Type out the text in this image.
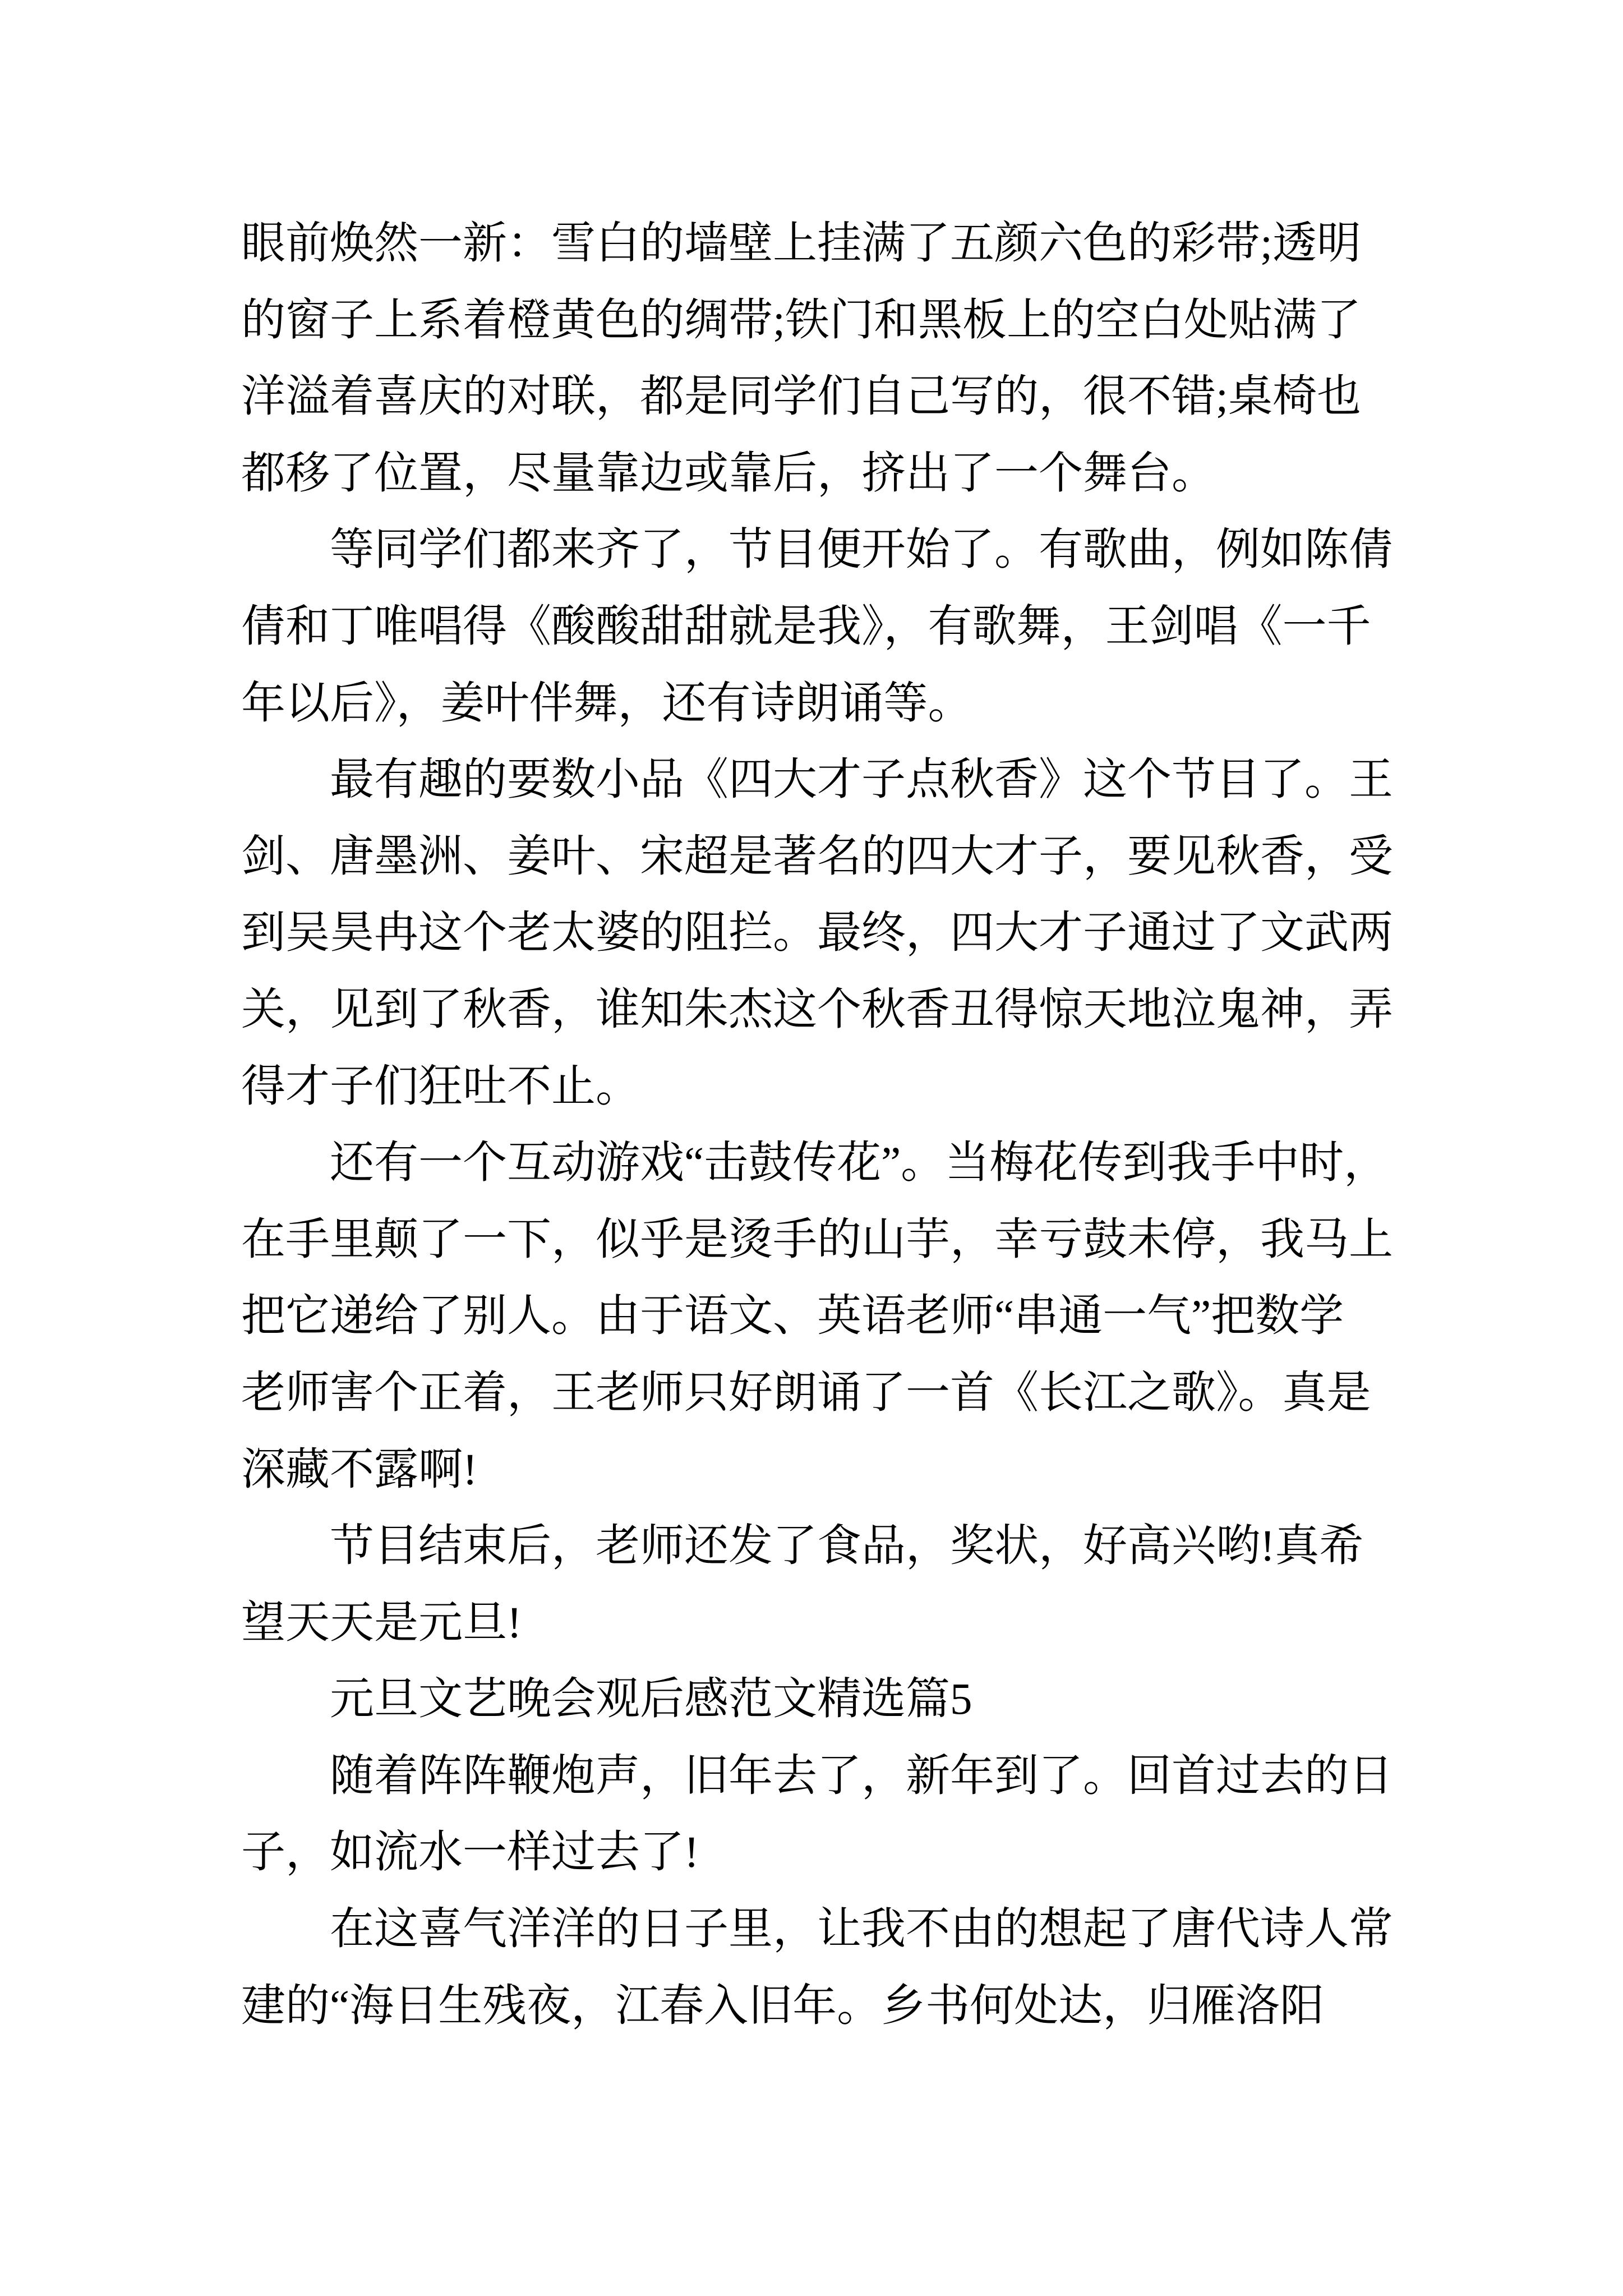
眼前焕然一新：雪白的墙壁上挂满了五颜六色的彩带;透明
的窗子上系着橙黄色的绸带;铁门和黑板上的空白处贴满了
洋溢着喜庆的对联，都是同学们自己写的，很不错;桌椅也
都移了位置，尽量靠边或靠后，挤出了一个舞台。
　　等同学们都来齐了，节目便开始了。有歌曲，例如陈倩
倩和丁唯唱得《酸酸甜甜就是我》，有歌舞，王剑唱《一千
年以后》，姜叶伴舞，还有诗朗诵等。
　　最有趣的要数小品《四大才子点秋香》这个节目了。王
剑、唐墨洲、姜叶、宋超是著名的四大才子，要见秋香，受
到吴昊冉这个老太婆的阻拦。最终，四大才子通过了文武两
关，见到了秋香，谁知朱杰这个秋香丑得惊天地泣鬼神，弄
得才子们狂吐不止。
　　还有一个互动游戏“击鼓传花”。当梅花传到我手中时，
在手里颠了一下，似乎是烫手的山芋，幸亏鼓未停，我马上
把它递给了别人。由于语文、英语老师“串通一气”把数学
老师害个正着，王老师只好朗诵了一首《长江之歌》。真是
深藏不露啊!
　　节目结束后，老师还发了食品，奖状，好高兴哟!真希
望天天是元旦!
　　元旦文艺晚会观后感范文精选篇5
　　随着阵阵鞭炮声，旧年去了，新年到了。回首过去的日
子，如流水一样过去了!
　　在这喜气洋洋的日子里，让我不由的想起了唐代诗人常
建的“海日生残夜，江春入旧年。乡书何处达，归雁洛阳
